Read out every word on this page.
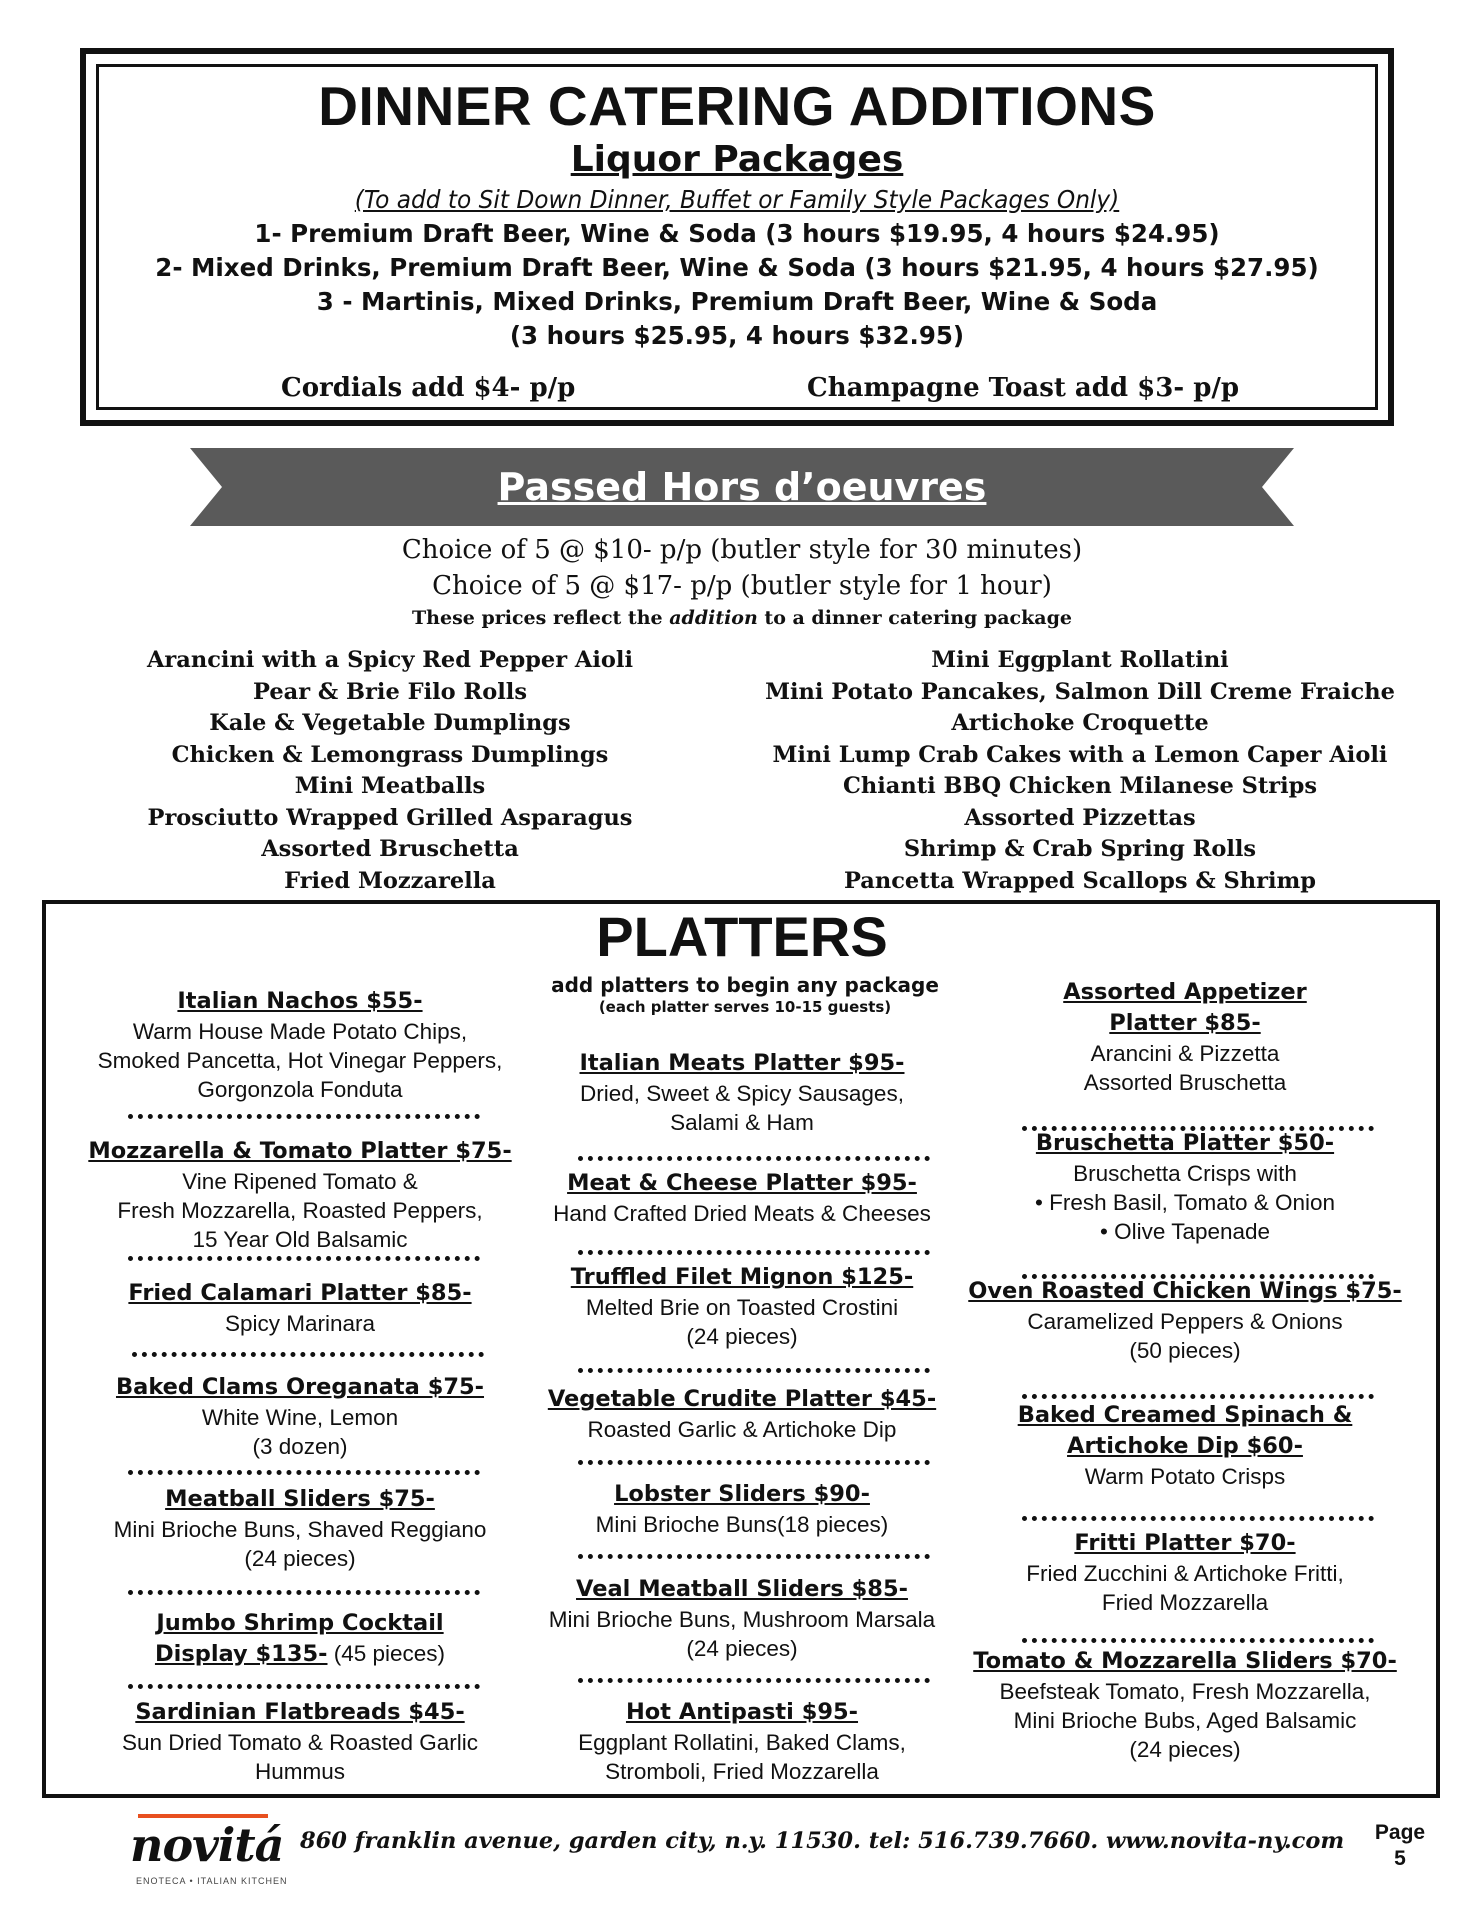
DINNER CATERING ADDITIONS
Liquor Packages
(To add to Sit Down Dinner, Buffet or Family Style Packages Only)
1- Premium Draft Beer, Wine & Soda (3 hours $19.95, 4 hours $24.95)
2- Mixed Drinks, Premium Draft Beer, Wine & Soda (3 hours $21.95, 4 hours $27.95)
3 - Martinis, Mixed Drinks, Premium Draft Beer, Wine & Soda
(3 hours $25.95, 4 hours $32.95)
Cordials add $4- p/p	Champagne Toast add $3- p/p
Passed Hors d’oeuvres
Choice of 5 @ $10- p/p (butler style for 30 minutes)
Choice of 5 @ $17- p/p (butler style for 1 hour)
These prices reflect the addition to a dinner catering package
Arancini with a Spicy Red Pepper Aioli
Pear & Brie Filo Rolls
Kale & Vegetable Dumplings
Chicken & Lemongrass Dumplings
Mini Meatballs
Prosciutto Wrapped Grilled Asparagus
Assorted Bruschetta
Fried Mozzarella
Mini Eggplant Rollatini
Mini Potato Pancakes, Salmon Dill Creme Fraiche
Artichoke Croquette
Mini Lump Crab Cakes with a Lemon Caper Aioli
Chianti BBQ Chicken Milanese Strips
Assorted Pizzettas
Shrimp & Crab Spring Rolls
Pancetta Wrapped Scallops & Shrimp
PLATTERS
add platters to begin any package
(each platter serves 10-15 guests)
Italian Nachos $55-
Warm House Made Potato Chips,
Smoked Pancetta, Hot Vinegar Peppers,
Gorgonzola Fonduta
Mozzarella & Tomato Platter $75-
Vine Ripened Tomato &
Fresh Mozzarella, Roasted Peppers,
15 Year Old Balsamic
Fried Calamari Platter $85-
Spicy Marinara
Baked Clams Oreganata $75-
White Wine, Lemon
(3 dozen)
Meatball Sliders $75-
Mini Brioche Buns, Shaved Reggiano
(24 pieces)
Jumbo Shrimp Cocktail
Display $135- (45 pieces)
Sardinian Flatbreads $45-
Sun Dried Tomato & Roasted Garlic
Hummus
Italian Meats Platter $95-
Dried, Sweet & Spicy Sausages,
Salami & Ham
Meat & Cheese Platter $95-
Hand Crafted Dried Meats & Cheeses
Truffled Filet Mignon $125-
Melted Brie on Toasted Crostini
(24 pieces)
Vegetable Crudite Platter $45-
Roasted Garlic & Artichoke Dip
Lobster Sliders $90-
Mini Brioche Buns(18 pieces)
Veal Meatball Sliders $85-
Mini Brioche Buns, Mushroom Marsala
(24 pieces)
Hot Antipasti $95-
Eggplant Rollatini, Baked Clams,
Stromboli, Fried Mozzarella
Assorted Appetizer
Platter $85-
Arancini & Pizzetta
Assorted Bruschetta
Bruschetta Platter $50-
Bruschetta Crisps with
• Fresh Basil, Tomato & Onion
• Olive Tapenade
Oven Roasted Chicken Wings $75-
Caramelized Peppers & Onions
(50 pieces)
Baked Creamed Spinach &
Artichoke Dip $60-
Warm Potato Crisps
Fritti Platter $70-
Fried Zucchini & Artichoke Fritti,
Fried Mozzarella
Tomato & Mozzarella Sliders $70-
Beefsteak Tomato, Fresh Mozzarella,
Mini Brioche Bubs, Aged Balsamic
(24 pieces)
novitá
ENOTECA • ITALIAN KITCHEN
860 franklin avenue, garden city, n.y. 11530. tel: 516.739.7660. www.novita-ny.com	Page
5
